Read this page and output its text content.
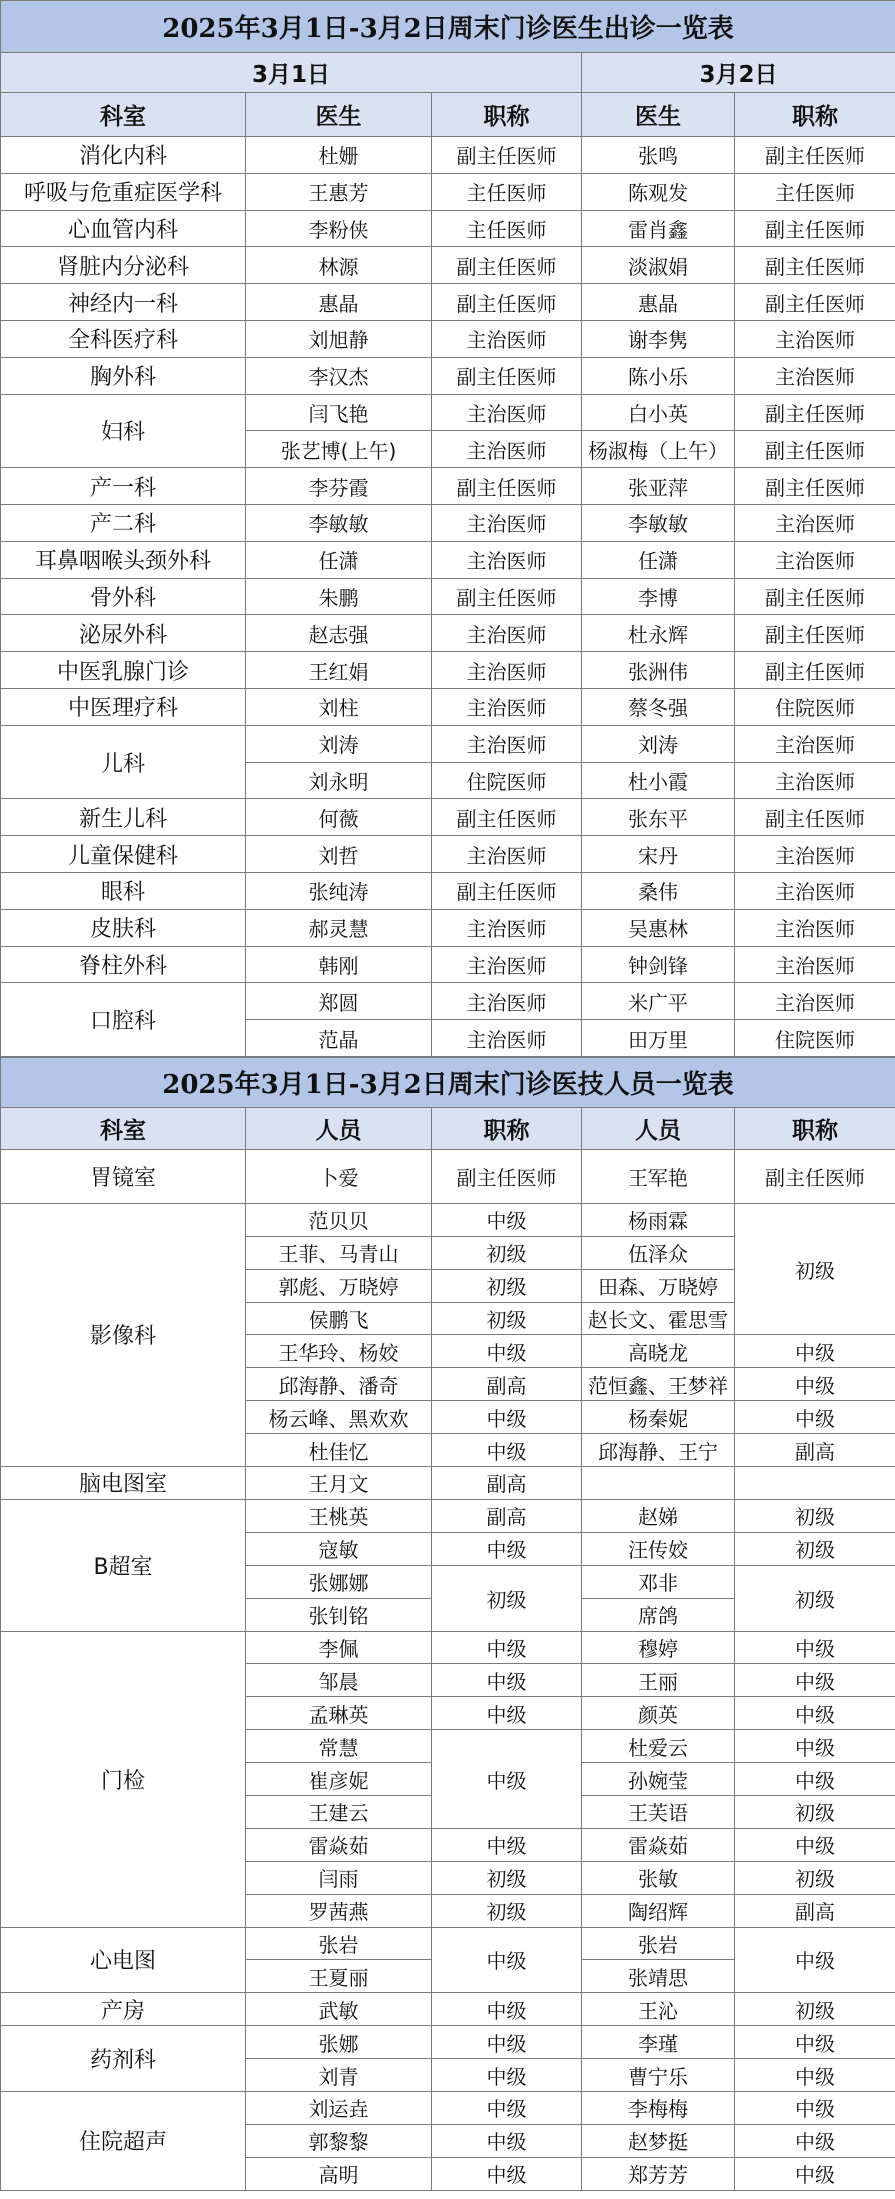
2025年3月1日-3月2日周末门诊医生出诊一览表				
3月1日			3月2日	
科室	医生	职称	医生	职称
消化内科	杜姗	副主任医师	张鸣	副主任医师
呼吸与危重症医学科	王惠芳	主任医师	陈观发	主任医师
心血管内科	李粉侠	主任医师	雷肖鑫	副主任医师
肾脏内分泌科	林源	副主任医师	淡淑娟	副主任医师
神经内一科	惠晶	副主任医师	惠晶	副主任医师
全科医疗科	刘旭静	主治医师	谢李隽	主治医师
胸外科	李汉杰	副主任医师	陈小乐	主治医师
妇科	闫飞艳	主治医师	白小英	副主任医师
	张艺博(上午)	主治医师	杨淑梅（上午）	副主任医师
产一科	李芬霞	副主任医师	张亚萍	副主任医师
产二科	李敏敏	主治医师	李敏敏	主治医师
耳鼻咽喉头颈外科	任潇	主治医师	任潇	主治医师
骨外科	朱鹏	副主任医师	李博	副主任医师
泌尿外科	赵志强	主治医师	杜永辉	副主任医师
中医乳腺门诊	王红娟	主治医师	张洲伟	副主任医师
中医理疗科	刘柱	主治医师	蔡冬强	住院医师
儿科	刘涛	主治医师	刘涛	主治医师
	刘永明	住院医师	杜小霞	主治医师
新生儿科	何薇	副主任医师	张东平	副主任医师
儿童保健科	刘哲	主治医师	宋丹	主治医师
眼科	张纯涛	副主任医师	桑伟	主治医师
皮肤科	郝灵慧	主治医师	吴惠林	主治医师
脊柱外科	韩刚	主治医师	钟剑锋	主治医师
口腔科	郑圆	主治医师	米广平	主治医师
	范晶	主治医师	田万里	住院医师
2025年3月1日-3月2日周末门诊医技人员一览表				
科室	人员	职称	人员	职称
胃镜室	卜爱	副主任医师	王军艳	副主任医师
影像科	范贝贝	中级	杨雨霖	初级
	王菲、马青山	初级	伍泽众	
	郭彪、万晓婷	初级	田森、万晓婷	
	侯鹏飞	初级	赵长文、霍思雪	
	王华玲、杨姣	中级	高晓龙	中级
	邱海静、潘奇	副高	范恒鑫、王梦祥	中级
	杨云峰、黑欢欢	中级	杨秦妮	中级
	杜佳忆	中级	邱海静、王宁	副高
脑电图室	王月文	副高		
B超室	王桃英	副高	赵娣	初级
	寇敏	中级	汪传姣	初级
	张娜娜	初级	邓非	初级
	张钊铭		席鸽	
门检	李佩	中级	穆婷	中级
	邹晨	中级	王丽	中级
	孟琳英	中级	颜英	中级
	常慧	中级	杜爱云	中级
	崔彦妮		孙婉莹	中级
	王建云		王芙语	初级
	雷焱茹	中级	雷焱茹	中级
	闫雨	初级	张敏	初级
	罗茜燕	初级	陶绍辉	副高
心电图	张岩	中级	张岩	中级
	王夏丽		张靖思	
产房	武敏	中级	王沁	初级
药剂科	张娜	中级	李瑾	中级
	刘青	中级	曹宁乐	中级
住院超声	刘运垚	中级	李梅梅	中级
	郭黎黎	中级	赵梦挺	中级
	高明	中级	郑芳芳	中级
